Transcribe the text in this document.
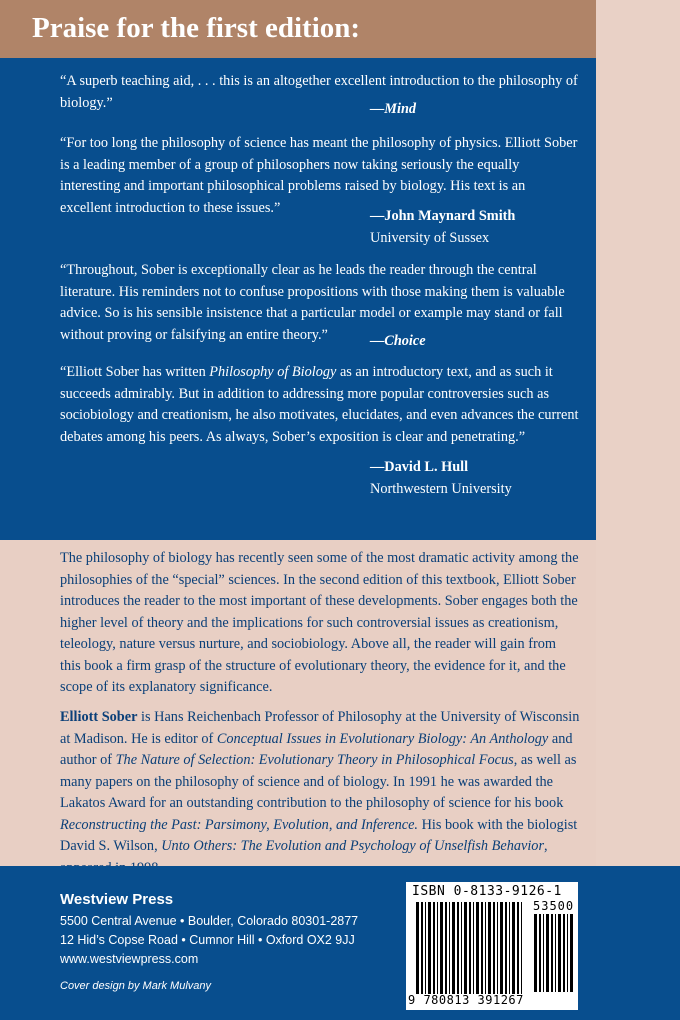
Praise for the first edition:

“A superb teaching aid, . . . this is an altogether excellent introduction to the philosophy of biology.”	—Mind

“For too long the philosophy of science has meant the philosophy of physics. Elliott Sober is a leading member of a group of philosophers now taking seriously the equally interesting and important philosophical problems raised by biology. His text is an excellent introduction to these issues.”

—John Maynard Smith

University of Sussex

“Throughout, Sober is exceptionally clear as he leads the reader through the central literature. His reminders not to confuse propositions with those making them is valuable advice. So is his sensible insistence that a particular model or example may stand or fall without proving or falsifying an entire theory.”	—Choice

“Elliott Sober has written Philosophy of Biology as an introductory text, and as such it succeeds admirably. But in addition to addressing more popular controversies such as sociobiology and creationism, he also motivates, elucidates, and even advances the current debates among his peers. As always, Sober’s exposition is clear and penetrating.”

—David L. Hull

Northwestern University

The philosophy of biology has recently seen some of the most dramatic activity among the philosophies of the “special” sciences. In the second edition of this textbook, Elliott Sober introduces the reader to the most important of these developments. Sober engages both the higher level of theory and the implications for such controversial issues as creationism, teleology, nature versus nurture, and sociobiology. Above all, the reader will gain from this book a firm grasp of the structure of evolutionary theory, the evidence for it, and the scope of its explanatory significance.

Elliott Sober is Hans Reichenbach Professor of Philosophy at the University of Wisconsin at Madison. He is editor of Conceptual Issues in Evolutionary Biology: An Anthology and author of The Nature of Selection: Evolutionary Theory in Philosophical Focus, as well as many papers on the philosophy of science and of biology. In 1991 he was awarded the Lakatos Award for an outstanding contribution to the philosophy of science for his book Reconstructing the Past: Parsimony, Evolution, and Inference. His book with the biologist David S. Wilson, Unto Others: The Evolution and Psychology of Unselfish Behavior,

Westview Press
5500 Central Avenue • Boulder, Colorado 80301-2877
12 Hid’s Copse Road • Cumnor Hill • Oxford OX2 9JJ
www.westviewpress.com
Cover design by Mark Mulvany
ISBN 0-8133-9126-1
53500
9 780813 391267
